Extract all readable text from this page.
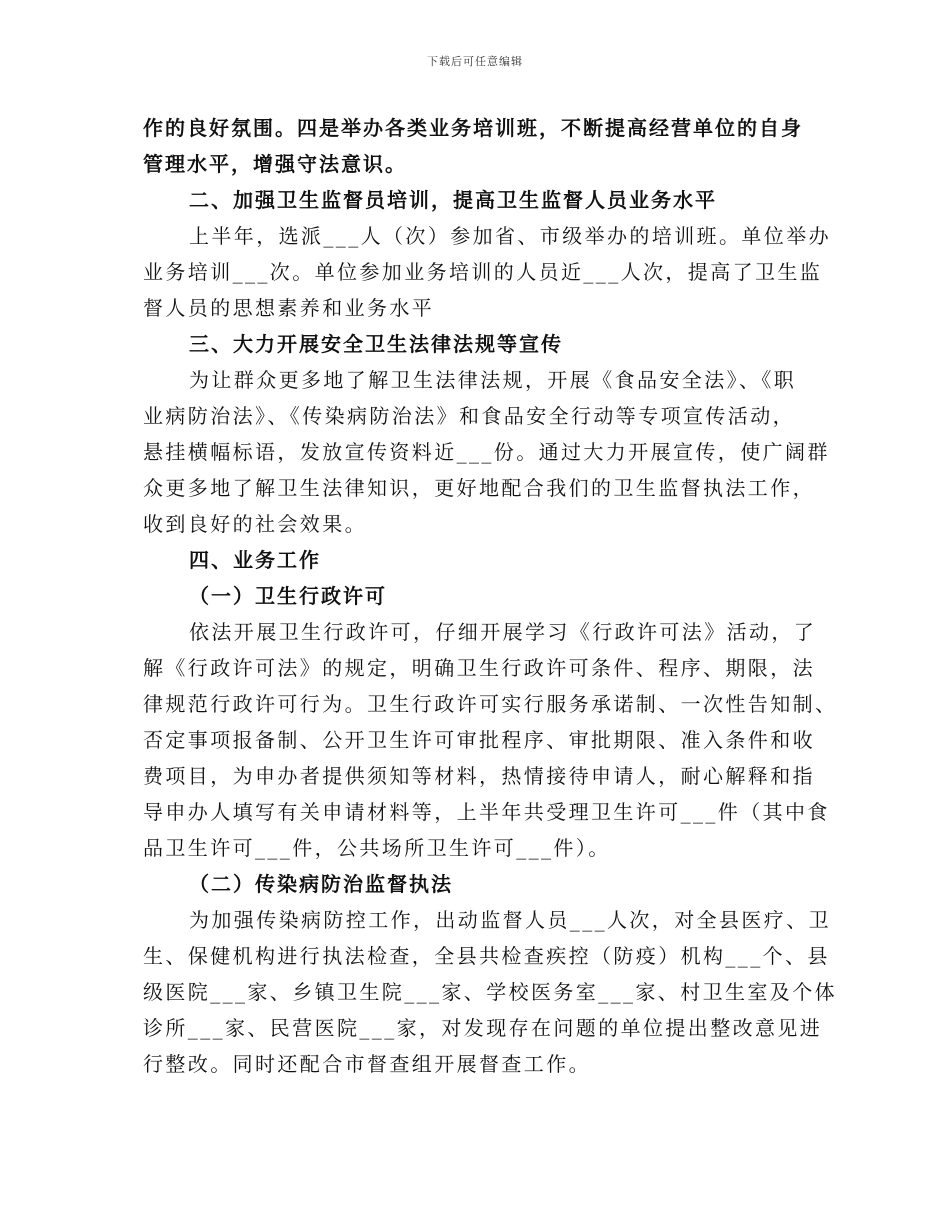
下载后可任意编辑
作的良好氛围。四是举办各类业务培训班，不断提高经营单位的自身
管理水平，增强守法意识。
二、加强卫生监督员培训，提高卫生监督人员业务水平
上半年，选派___人（次）参加省、市级举办的培训班。单位举办
业务培训___次。单位参加业务培训的人员近___人次，提高了卫生监
督人员的思想素养和业务水平
三、大力开展安全卫生法律法规等宣传
为让群众更多地了解卫生法律法规，开展《食品安全法》、《职
业病防治法》、《传染病防治法》和食品安全行动等专项宣传活动，
悬挂横幅标语，发放宣传资料近___份。通过大力开展宣传，使广阔群
众更多地了解卫生法律知识，更好地配合我们的卫生监督执法工作，
收到良好的社会效果。
四、业务工作
（一）卫生行政许可
依法开展卫生行政许可，仔细开展学习《行政许可法》活动，了
解《行政许可法》的规定，明确卫生行政许可条件、程序、期限，法
律规范行政许可行为。卫生行政许可实行服务承诺制、一次性告知制、
否定事项报备制、公开卫生许可审批程序、审批期限、准入条件和收
费项目，为申办者提供须知等材料，热情接待申请人，耐心解释和指
导申办人填写有关申请材料等，上半年共受理卫生许可___件（其中食
品卫生许可___件，公共场所卫生许可___件）。
（二）传染病防治监督执法
为加强传染病防控工作，出动监督人员___人次，对全县医疗、卫
生、保健机构进行执法检查，全县共检查疾控（防疫）机构___个、县
级医院___家、乡镇卫生院___家、学校医务室___家、村卫生室及个体
诊所___家、民营医院___家，对发现存在问题的单位提出整改意见进
行整改。同时还配合市督查组开展督查工作。
